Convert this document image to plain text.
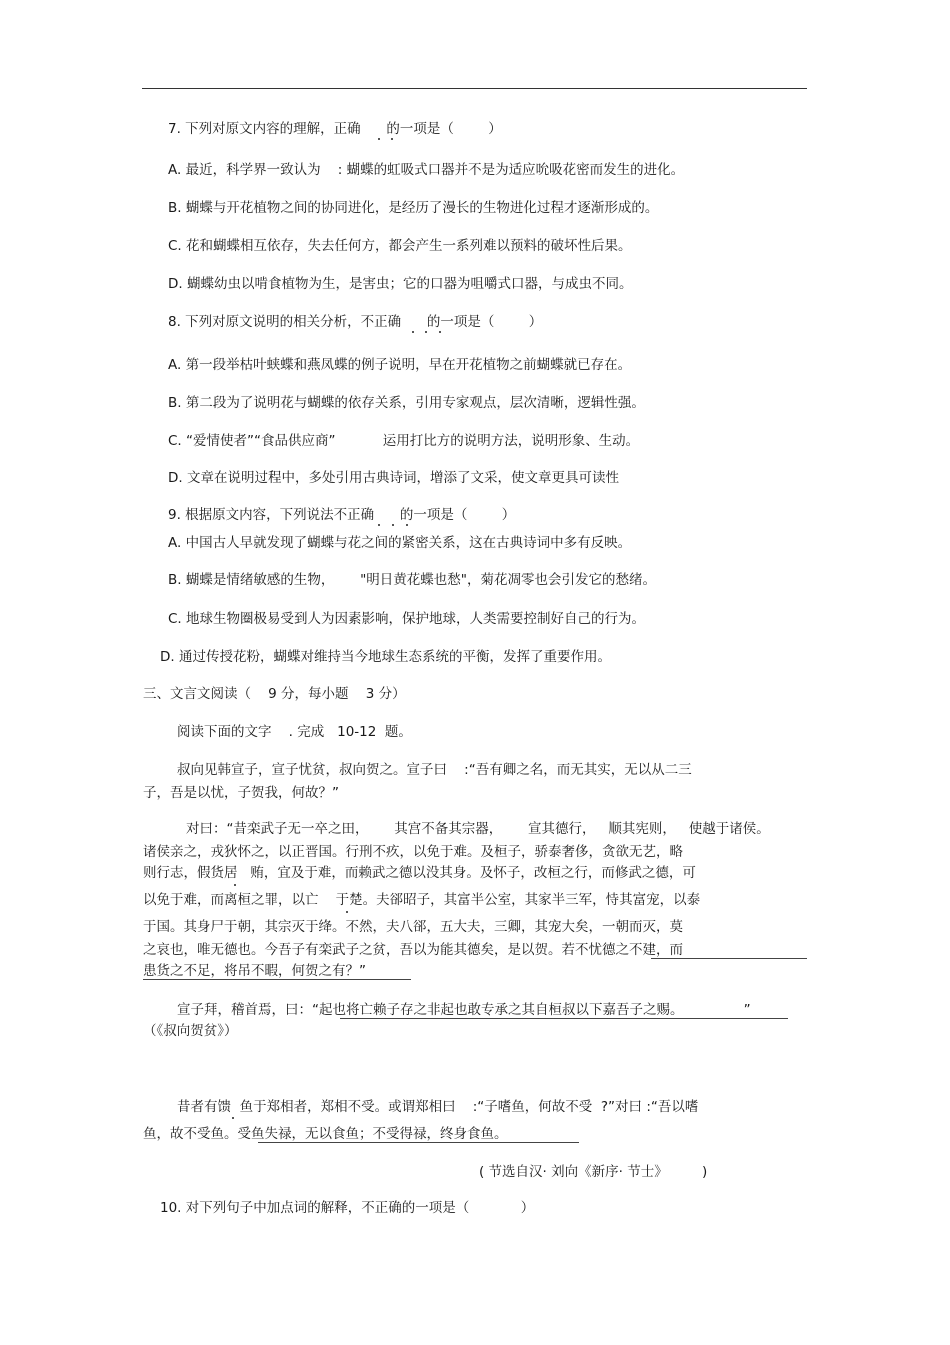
7. 下列对原文内容的理解，正确      的一项是（        ）
A. 最近，科学界一致认为    : 蝴蝶的虹吸式口器并不是为适应吮吸花密而发生的进化。
B. 蝴蝶与开花植物之间的协同进化，是经历了漫长的生物进化过程才逐渐形成的。
C. 花和蝴蝶相互依存，失去任何方，都会产生一系列难以预料的破坏性后果。
D. 蝴蝶幼虫以啃食植物为生，是害虫；它的口器为咀嚼式口器，与成虫不同。
8. 下列对原文说明的相关分析，不正确      的一项是（        ）
A. 第一段举枯叶蛱蝶和燕凤蝶的例子说明，早在开花植物之前蝴蝶就已存在。
B. 第二段为了说明花与蝴蝶的依存关系，引用专家观点，层次清晰，逻辑性强。
C. “爱情使者”“食品供应商”           运用打比方的说明方法，说明形象、生动。
D. 文章在说明过程中，多处引用古典诗词，增添了文采，使文章更具可读性
9. 根据原文内容，下列说法不正确      的一项是（        ）
A. 中国古人早就发现了蝴蝶与花之间的紧密关系，这在古典诗词中多有反映。
B. 蝴蝶是情绪敏感的生物，      "明日黄花蝶也愁"，菊花凋零也会引发它的愁绪。
C. 地球生物圈极易受到人为因素影响，保护地球，人类需要控制好自己的行为。
D. 通过传授花粉，蝴蝶对维持当今地球生态系统的平衡，发挥了重要作用。
三、文言文阅读（    9 分，每小题    3 分）
阅读下面的文字    . 完成   10-12  题。
叔向见韩宣子，宣子忧贫，叔向贺之。宣子曰    :“吾有卿之名，而无其实，无以从二三
子，吾是以忧，子贺我，何故？”
对曰：“昔栾武子无一卒之田，      其宫不备其宗器，      宣其德行，   顺其宪则，   使越于诸侯。
诸侯亲之，戎狄怀之，以正晋国。行刑不疚，以免于难。及桓子，骄泰奢侈，贪欲无艺，略
则行志，假货居   贿，宜及于难，而赖武之德以没其身。及怀子，改桓之行，而修武之德，可
以免于难，而离桓之罪，以亡    于楚。夫郤昭子，其富半公室，其家半三军，恃其富宠，以泰
于国。其身尸于朝，其宗灭于绛。不然，夫八郤，五大夫，三卿，其宠大矣，一朝而灭，莫
之哀也，唯无德也。今吾子有栾武子之贫，吾以为能其德矣，是以贺。若不忧德之不建，而
患货之不足，将吊不暇，何贺之有？”
宣子拜，稽首焉，曰：“起也将亡赖子存之非起也敢专承之其自桓叔以下嘉吾子之赐。              ”
（《叔向贺贫》）
昔者有馈  鱼于郑相者，郑相不受。或谓郑相曰    :“子嗜鱼，何故不受  ?”对曰 :“吾以嗜
鱼，故不受鱼。受鱼失禄，无以食鱼；不受得禄，终身食鱼。
( 节选自汉· 刘向《新序· 节士》        )
10. 对下列句子中加点词的解释，不正确的一项是（            ）
